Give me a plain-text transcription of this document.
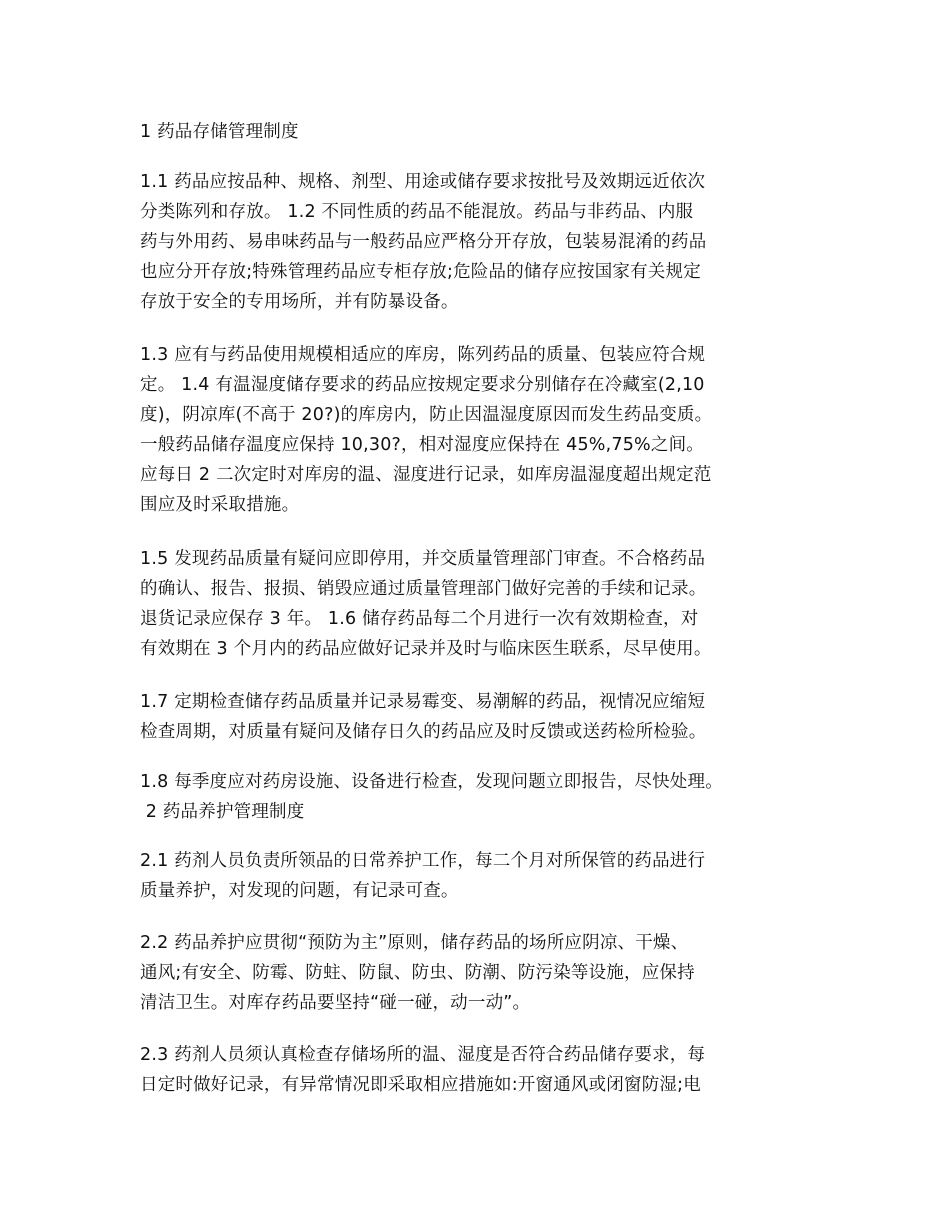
1 药品存储管理制度
1.1 药品应按品种、规格、剂型、用途或储存要求按批号及效期远近依次
分类陈列和存放。 1.2 不同性质的药品不能混放。药品与非药品、内服
药与外用药、易串味药品与一般药品应严格分开存放，包装易混淆的药品
也应分开存放;特殊管理药品应专柜存放;危险品的储存应按国家有关规定
存放于安全的专用场所，并有防暴设备。
1.3 应有与药品使用规模相适应的库房，陈列药品的质量、包装应符合规
定。 1.4 有温湿度储存要求的药品应按规定要求分别储存在冷藏室(2,10
度)，阴凉库(不高于 20?)的库房内，防止因温湿度原因而发生药品变质。
一般药品储存温度应保持 10,30?，相对湿度应保持在 45%,75%之间。
应每日 2 二次定时对库房的温、湿度进行记录，如库房温湿度超出规定范
围应及时采取措施。
1.5 发现药品质量有疑问应即停用，并交质量管理部门审查。不合格药品
的确认、报告、报损、销毁应通过质量管理部门做好完善的手续和记录。
退货记录应保存 3 年。 1.6 储存药品每二个月进行一次有效期检查，对
有效期在 3 个月内的药品应做好记录并及时与临床医生联系，尽早使用。
1.7 定期检查储存药品质量并记录易霉变、易潮解的药品，视情况应缩短
检查周期，对质量有疑问及储存日久的药品应及时反馈或送药检所检验。
1.8 每季度应对药房设施、设备进行检查，发现问题立即报告，尽快处理。
2 药品养护管理制度
2.1 药剂人员负责所领品的日常养护工作，每二个月对所保管的药品进行
质量养护，对发现的问题，有记录可查。
2.2 药品养护应贯彻“预防为主”原则，储存药品的场所应阴凉、干燥、
通风;有安全、防霉、防蛀、防鼠、防虫、防潮、防污染等设施，应保持
清洁卫生。对库存药品要坚持“碰一碰，动一动”。
2.3 药剂人员须认真检查存储场所的温、湿度是否符合药品储存要求，每
日定时做好记录，有异常情况即采取相应措施如:开窗通风或闭窗防湿;电
